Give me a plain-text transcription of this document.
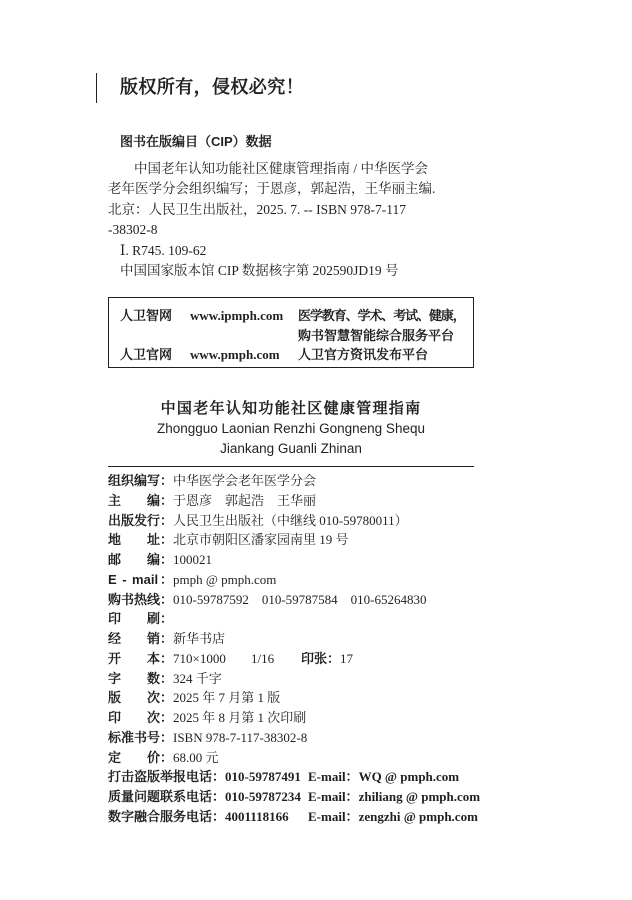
版权所有，侵权必究！
图书在版编目（CIP）数据
中国老年认知功能社区健康管理指南 / 中华医学会
老年医学分会组织编写；于恩彦，郭起浩，王华丽主编.
北京：人民卫生出版社，2025. 7. -- ISBN 978-7-117
-38302-8
Ⅰ. R745. 109-62
中国国家版本馆 CIP 数据核字第 202590JD19 号
人卫智网	www.ipmph.com	医学教育、学术、考试、健康，
购书智慧智能综合服务平台
人卫官网	www.pmph.com	人卫官方资讯发布平台
中国老年认知功能社区健康管理指南
Zhongguo Laonian Renzhi Gongneng Shequ
Jiankang Guanli Zhinan
组织编写：中华医学会老年医学分会
主　　编：于恩彦　郭起浩　王华丽
出版发行：人民卫生出版社（中继线 010-59780011）
地　　址：北京市朝阳区潘家园南里 19 号
邮　　编：100021
E - mail：pmph @ pmph.com
购书热线：010-59787592　010-59787584　010-65264830
印　　刷：
经　　销：新华书店
开　　本：710×1000 1/16 印张：17
字　　数：324 千字
版　　次：2025 年 7 月第 1 版
印　　次：2025 年 8 月第 1 次印刷
标准书号：ISBN 978-7-117-38302-8
定　　价：68.00 元
打击盗版举报电话：010-59787491 E-mail：WQ @ pmph.com
质量问题联系电话：010-59787234 E-mail：zhiliang @ pmph.com
数字融合服务电话：4001118166 E-mail：zengzhi @ pmph.com
